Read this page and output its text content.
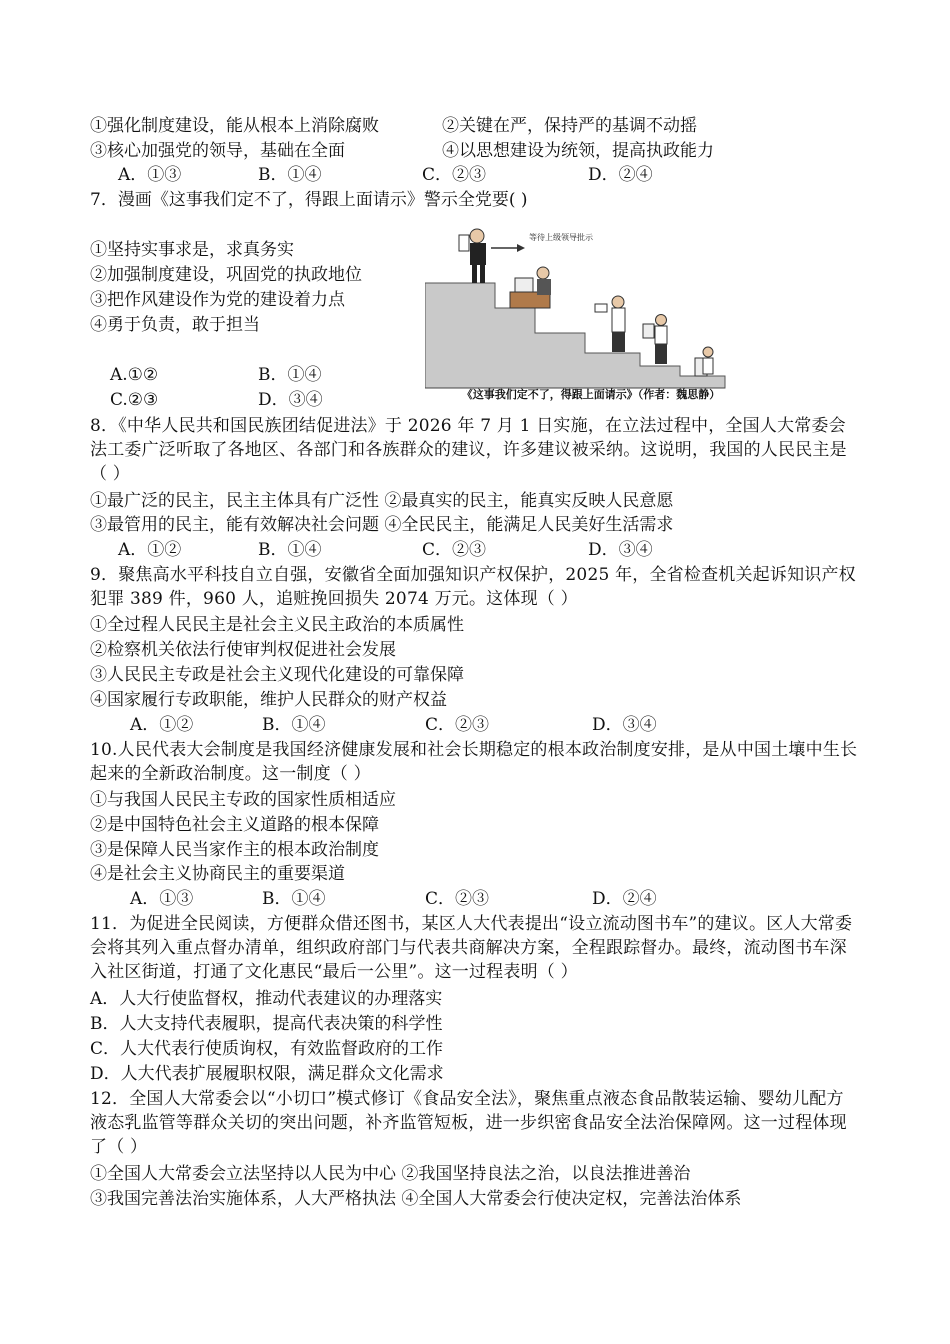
①强化制度建设，能从根本上消除腐败	②关键在严，保持严的基调不动摇
③核心加强党的领导，基础在全面	④以思想建设为统领，提高执政能力
A．①③	B．①④	C．②③	D．②④
7．漫画《这事我们定不了，得跟上面请示》警示全党要( )
①坚持实事求是，求真务实
②加强制度建设，巩固党的执政地位
③把作风建设作为党的建设着力点
④勇于负责，敢于担当
A.①②	B．①④
C.②③	D．③④
等待上级领导批示
《这事我们定不了，得跟上面请示》（作者：魏思静）
8．《中华人民共和国民族团结促进法》于 2026 年 7 月 1 日实施，在立法过程中，全国人大常委会法工委广泛听取了各地区、各部门和各族群众的建议，许多建议被采纳。这说明，我国的人民民主是（ ）
①最广泛的民主，民主主体具有广泛性 ②最真实的民主，能真实反映人民意愿
③最管用的民主，能有效解决社会问题 ④全民民主，能满足人民美好生活需求
A．①②	B．①④	C．②③	D．③④
9．聚焦高水平科技自立自强，安徽省全面加强知识产权保护，2025 年，全省检查机关起诉知识产权犯罪 389 件，960 人，追赃挽回损失 2074 万元。这体现（ ）
①全过程人民民主是社会主义民主政治的本质属性
②检察机关依法行使审判权促进社会发展
③人民民主专政是社会主义现代化建设的可靠保障
④国家履行专政职能，维护人民群众的财产权益
A．①②	B．①④	C．②③	D．③④
10.人民代表大会制度是我国经济健康发展和社会长期稳定的根本政治制度安排，是从中国土壤中生长起来的全新政治制度。这一制度（ ）
①与我国人民民主专政的国家性质相适应
②是中国特色社会主义道路的根本保障
③是保障人民当家作主的根本政治制度
④是社会主义协商民主的重要渠道
A．①③	B．①④	C．②③	D．②④
11．为促进全民阅读，方便群众借还图书，某区人大代表提出“设立流动图书车”的建议。区人大常委会将其列入重点督办清单，组织政府部门与代表共商解决方案，全程跟踪督办。最终，流动图书车深入社区街道，打通了文化惠民“最后一公里”。这一过程表明（ ）
A．人大行使监督权，推动代表建议的办理落实
B．人大支持代表履职，提高代表决策的科学性
C．人大代表行使质询权，有效监督政府的工作
D．人大代表扩展履职权限，满足群众文化需求
12．全国人大常委会以“小切口”模式修订《食品安全法》，聚焦重点液态食品散装运输、婴幼儿配方液态乳监管等群众关切的突出问题，补齐监管短板，进一步织密食品安全法治保障网。这一过程体现了（ ）
①全国人大常委会立法坚持以人民为中心 ②我国坚持良法之治，以良法推进善治
③我国完善法治实施体系，人大严格执法 ④全国人大常委会行使决定权，完善法治体系
